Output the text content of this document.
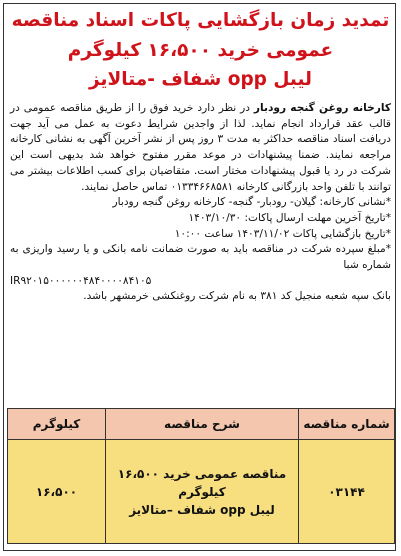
تمدید زمان بازگشایی پاکات اسناد مناقصه
عمومی خرید ۱۶،۵۰۰ کیلوگرم
لیبل opp شفاف -متالایز

کارخانه روغن گنجه رودبار در نظر دارد خرید فوق را از طریق مناقصه عمومی در قالب عقد قرارداد انجام نماید. لذا از واجدین شرایط دعوت به عمل می آید جهت دریافت اسناد مناقصه حداکثر به مدت ۳ روز پس از نشر آخرین آگهی به نشانی کارخانه مراجعه نمایند. ضمنا پیشنهادات در موعد مقرر مفتوح خواهد شد بدیهی است این شرکت در رد یا قبول پیشنهادات مختار است. متقاضیان برای کسب اطلاعات بیشتر می توانند با تلفن واحد بازرگانی کارخانه ۰۱۳۳۴۶۶۸۵۸۱ تماس حاصل نمایند.

*نشانی کارخانه: گیلان- رودبار- گنجه- کارخانه روغن گنجه رودبار

*تاریخ آخرین مهلت ارسال پاکات: ۱۴۰۳/۱۰/۳۰

*تاریخ بازگشایی پاکات ۱۴۰۳/۱۱/۰۲ ساعت ۱۰:۰۰

*مبلغ سپرده شرکت در مناقصه باید به صورت ضمانت نامه بانکی و یا رسید واریزی به شماره شبا

IR۹۲۰۱۵۰۰۰۰۰۰۴۸۴۰۰۰۰۸۴۱۰۵

بانک سپه شعبه منجیل کد ۳۸۱ به نام شرکت روغنکشی خرمشهر باشد.

شماره مناقصه	شرح مناقصه	کیلوگرم
۰۳۱۴۴	مناقصه عمومی خرید ۱۶،۵۰۰
کیلوگرم
لیبل opp شفاف –متالایز	۱۶،۵۰۰
